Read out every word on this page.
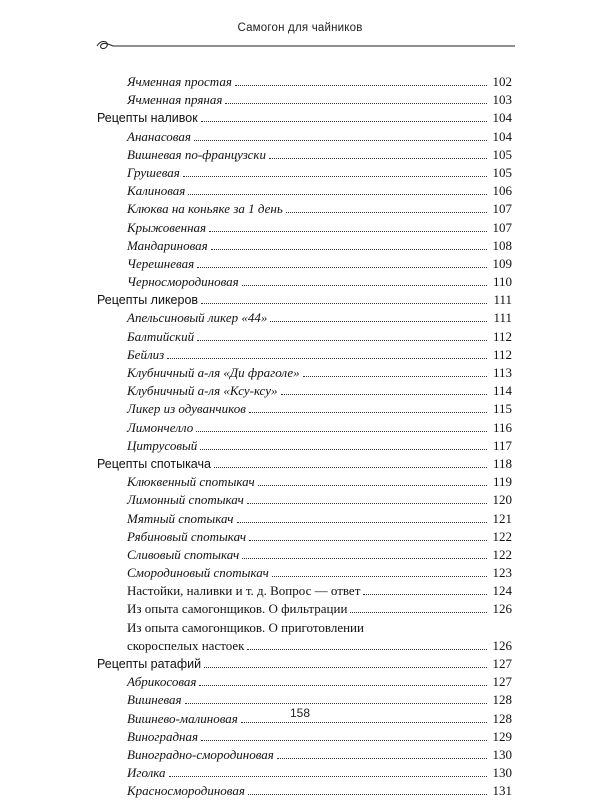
Самогон для чайников
Ячменная простая	102
Ячменная пряная	103
Рецепты наливок	104
Ананасовая	104
Вишневая по-французски	105
Грушевая	105
Калиновая	106
Клюква на коньяке за 1 день	107
Крыжовенная	107
Мандариновая	108
Черешневая	109
Черносмородиновая	110
Рецепты ликеров	111
Апельсиновый ликер «44»	111
Балтийский	112
Бейлиз	112
Клубничный а-ля «Ди фраголе»	113
Клубничный а-ля «Ксу-ксу»	114
Ликер из одуванчиков	115
Лимончелло	116
Цитрусовый	117
Рецепты спотыкача	118
Клюквенный спотыкач	119
Лимонный спотыкач	120
Мятный спотыкач	121
Рябиновый спотыкач	122
Сливовый спотыкач	122
Смородиновый спотыкач	123
Настойки, наливки и т. д. Вопрос — ответ	124
Из опыта самогонщиков. О фильтрации	126
Из опыта самогонщиков. О приготовлении
скороспелых настоек	126
Рецепты ратафий	127
Абрикосовая	127
Вишневая	128
Вишнево-малиновая	128
Виноградная	129
Виноградно-смородиновая	130
Иголка	130
Красносмородиновая	131
158
